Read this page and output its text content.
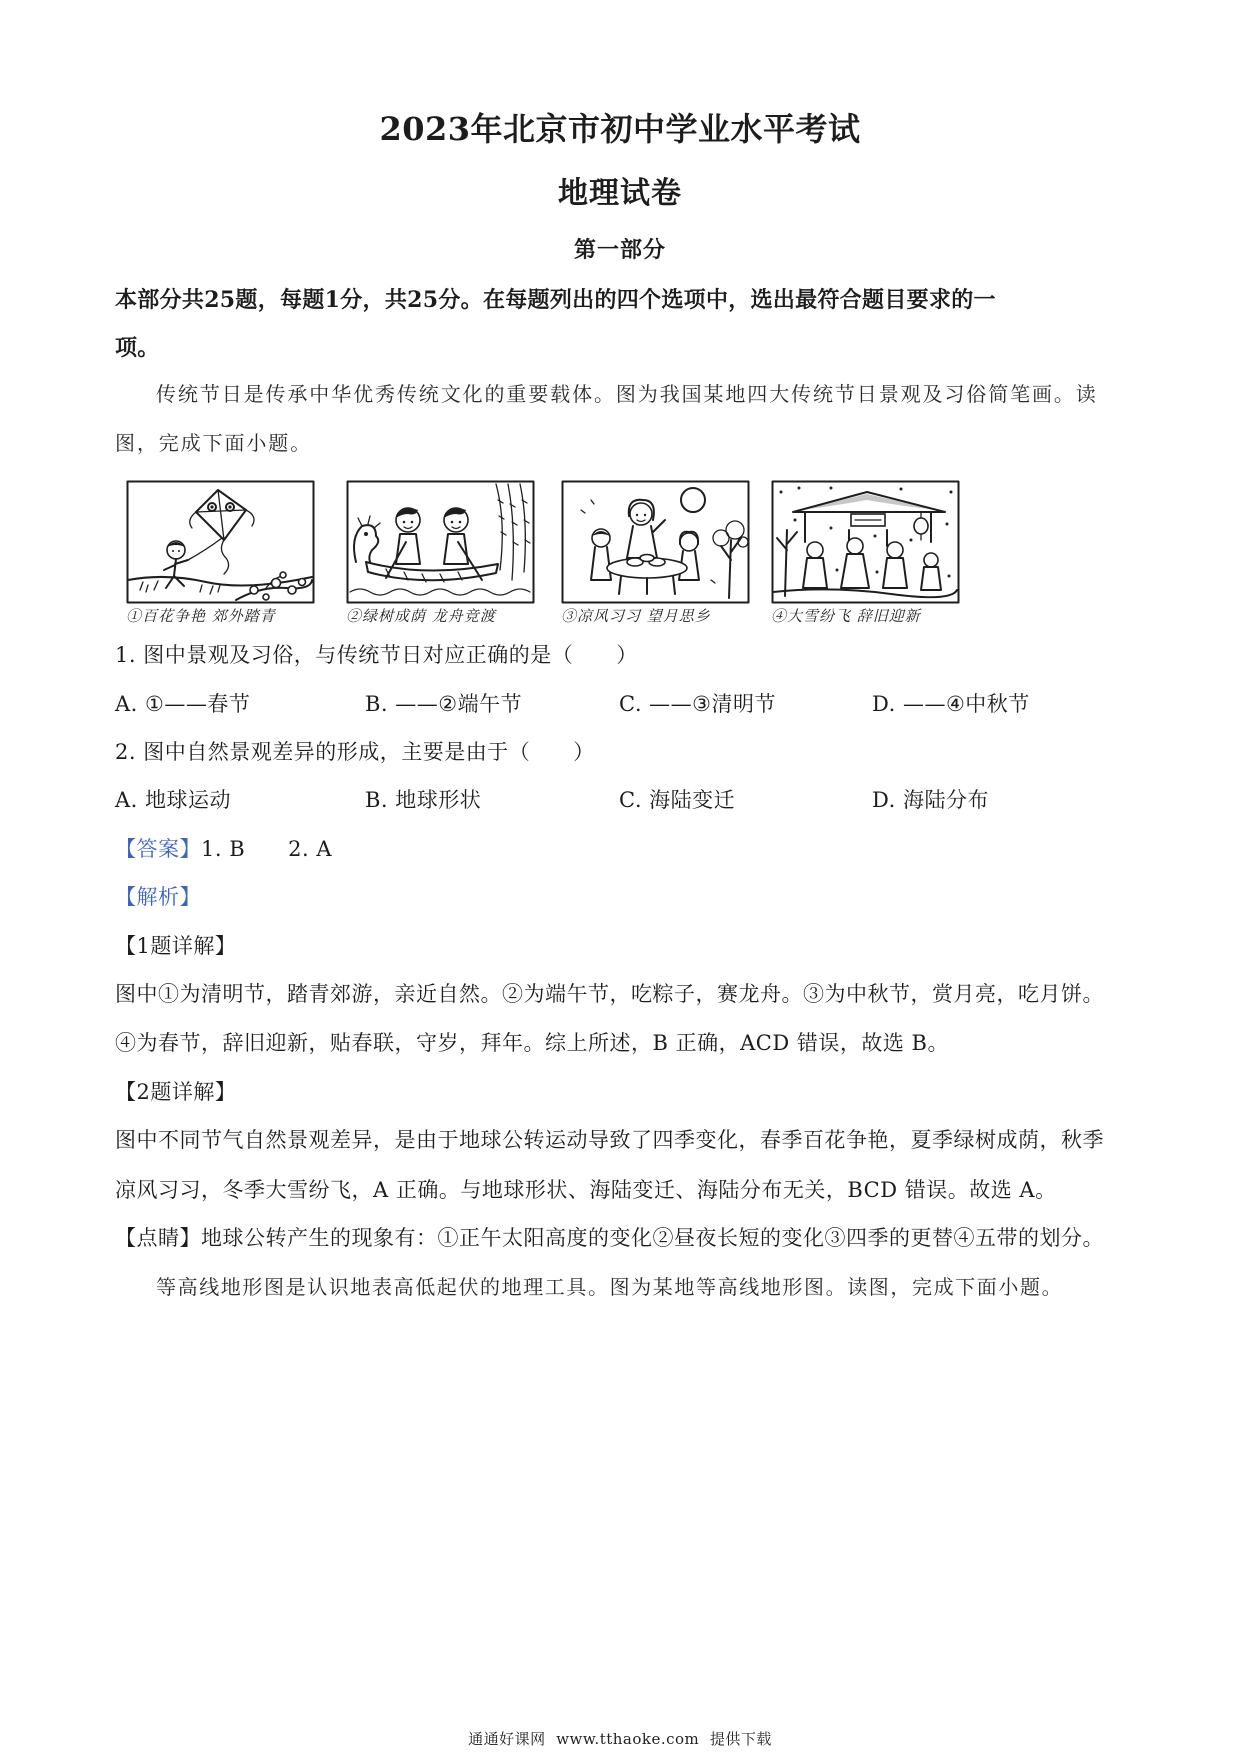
2023年北京市初中学业水平考试
地理试卷
第一部分
本部分共25题，每题1分，共25分。在每题列出的四个选项中，选出最符合题目要求的一
项。
传统节日是传承中华优秀传统文化的重要载体。图为我国某地四大传统节日景观及习俗简笔画。读
图，完成下面小题。
①百花争艳 郊外踏青	②绿树成荫 龙舟竞渡	③凉风习习 望月思乡	④大雪纷飞 辞旧迎新
1. 图中景观及习俗，与传统节日对应正确的是（　　）
A. ①——春节	B. ——②端午节	C. ——③清明节	D. ——④中秋节
2. 图中自然景观差异的形成，主要是由于（　　）
A. 地球运动	B. 地球形状	C. 海陆变迁	D. 海陆分布
【答案】1. B　　2. A
【解析】
【1题详解】
图中①为清明节，踏青郊游，亲近自然。②为端午节，吃粽子，赛龙舟。③为中秋节，赏月亮，吃月饼。
④为春节，辞旧迎新，贴春联，守岁，拜年。综上所述，B 正确，ACD 错误，故选 B。
【2题详解】
图中不同节气自然景观差异，是由于地球公转运动导致了四季变化，春季百花争艳，夏季绿树成荫，秋季
凉风习习，冬季大雪纷飞，A 正确。与地球形状、海陆变迁、海陆分布无关，BCD 错误。故选 A。
【点睛】地球公转产生的现象有：①正午太阳高度的变化②昼夜长短的变化③四季的更替④五带的划分。
等高线地形图是认识地表高低起伏的地理工具。图为某地等高线地形图。读图，完成下面小题。
通通好课网  www.tthaoke.com  提供下载
